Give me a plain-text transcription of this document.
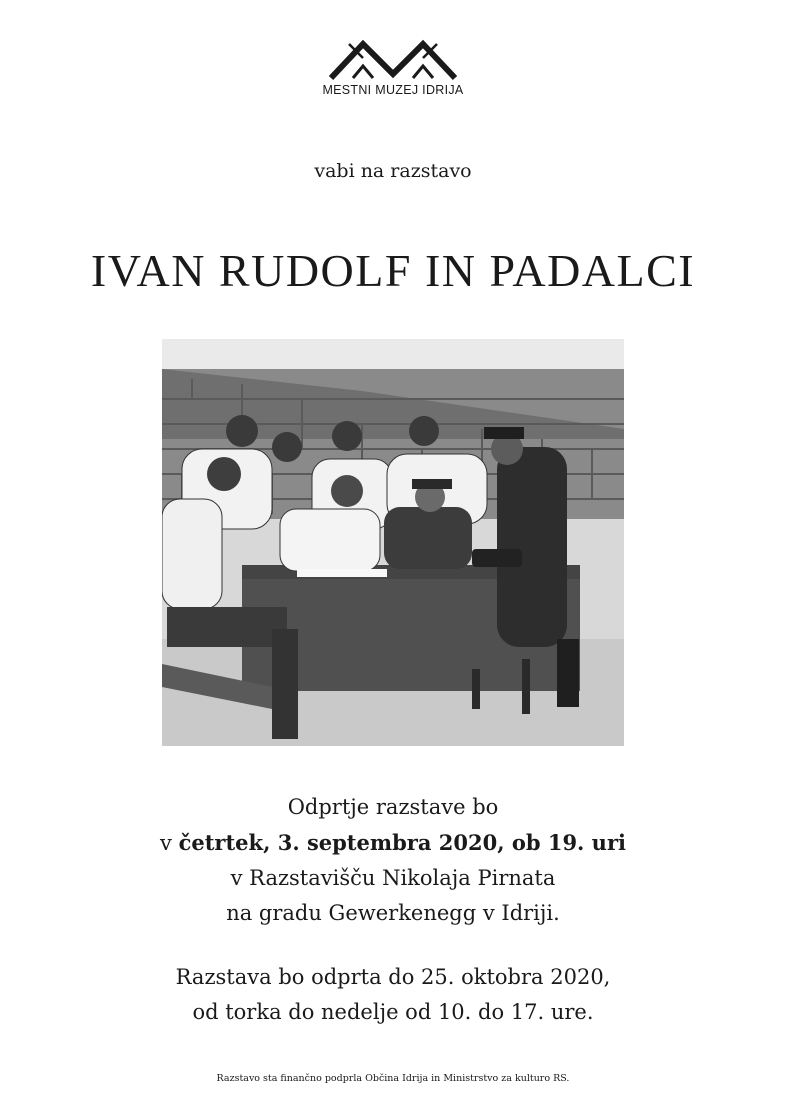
MESTNI MUZEJ IDRIJA
vabi na razstavo
IVAN RUDOLF IN PADALCI
Odprtje razstave bo
v četrtek, 3. septembra 2020, ob 19. uri
v Razstavišču Nikolaja Pirnata
na gradu Gewerkenegg v Idriji.
Razstava bo odprta do 25. oktobra 2020,
od torka do nedelje od 10. do 17. ure.
Razstavo sta finančno podprla Občina Idrija in Ministrstvo za kulturo RS.
